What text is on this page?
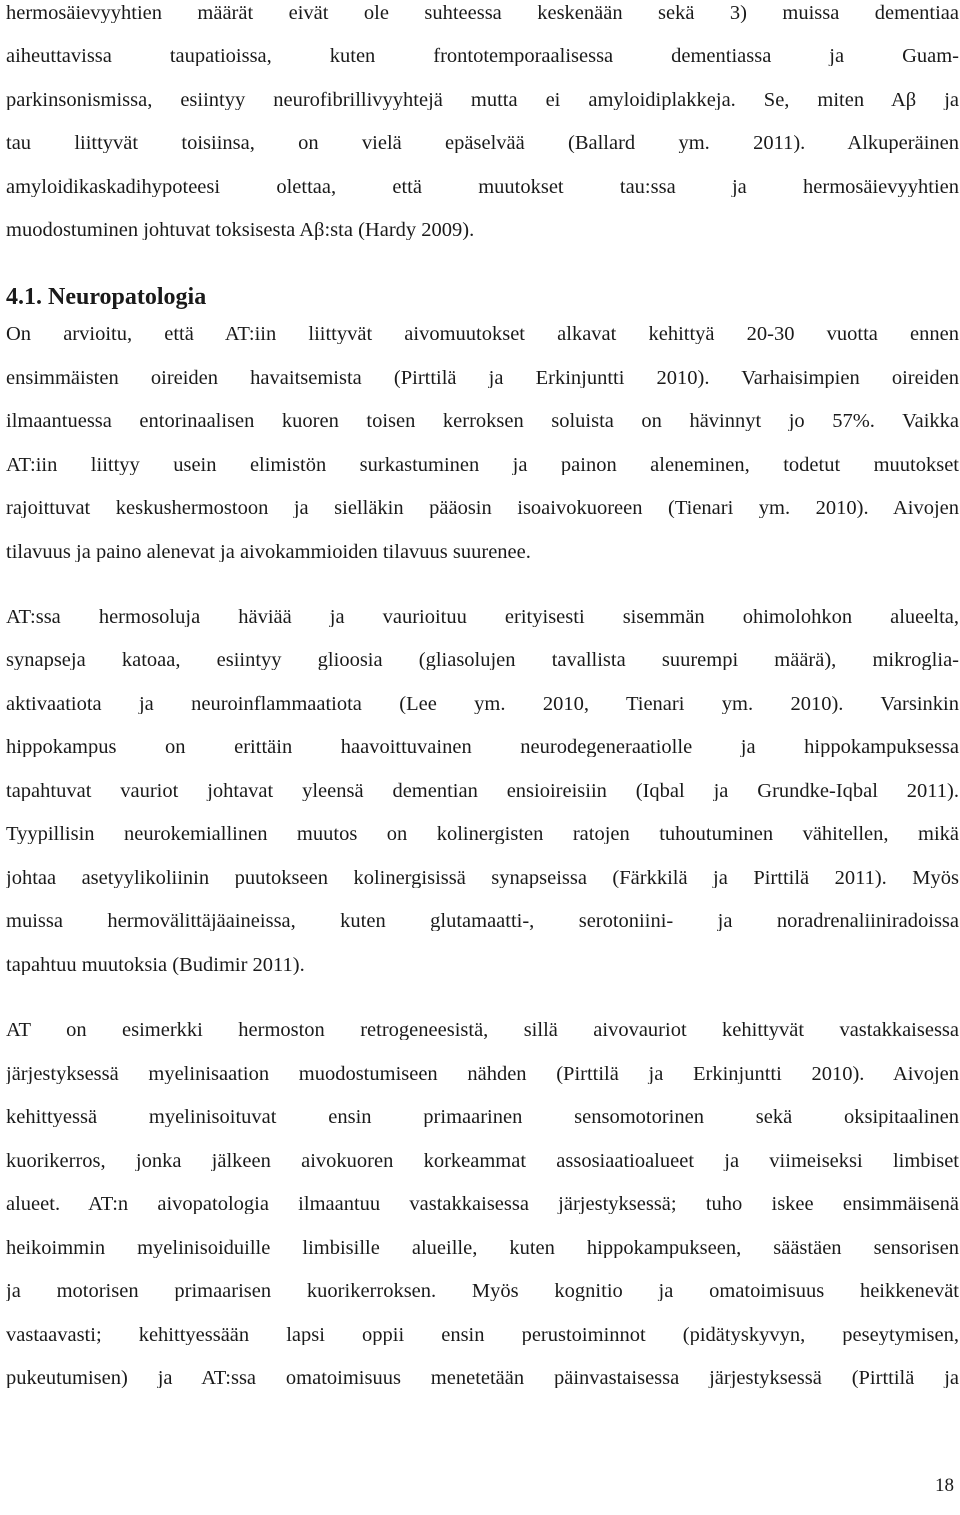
hermosäievyyhtien määrät eivät ole suhteessa keskenään sekä 3) muissa dementiaa
aiheuttavissa taupatioissa, kuten frontotemporaalisessa dementiassa ja Guam-
parkinsonismissa, esiintyy neurofibrillivyyhtejä mutta ei amyloidiplakkeja. Se, miten Aβ ja
tau liittyvät toisiinsa, on vielä epäselvää (Ballard ym. 2011). Alkuperäinen
amyloidikaskadihypoteesi olettaa, että muutokset tau:ssa ja hermosäievyyhtien
muodostuminen johtuvat toksisesta Aβ:sta (Hardy 2009).
4.1. Neuropatologia
On arvioitu, että AT:iin liittyvät aivomuutokset alkavat kehittyä 20-30 vuotta ennen
ensimmäisten oireiden havaitsemista (Pirttilä ja Erkinjuntti 2010). Varhaisimpien oireiden
ilmaantuessa entorinaalisen kuoren toisen kerroksen soluista on hävinnyt jo 57%. Vaikka
AT:iin liittyy usein elimistön surkastuminen ja painon aleneminen, todetut muutokset
rajoittuvat keskushermostoon ja sielläkin pääosin isoaivokuoreen (Tienari ym. 2010). Aivojen
tilavuus ja paino alenevat ja aivokammioiden tilavuus suurenee.
AT:ssa hermosoluja häviää ja vaurioituu erityisesti sisemmän ohimolohkon alueelta,
synapseja katoaa, esiintyy glioosia (gliasolujen tavallista suurempi määrä), mikroglia-
aktivaatiota ja neuroinflammaatiota (Lee ym. 2010, Tienari ym. 2010). Varsinkin
hippokampus on erittäin haavoittuvainen neurodegeneraatiolle ja hippokampuksessa
tapahtuvat vauriot johtavat yleensä dementian ensioireisiin (Iqbal ja Grundke-Iqbal 2011).
Tyypillisin neurokemiallinen muutos on kolinergisten ratojen tuhoutuminen vähitellen, mikä
johtaa asetyylikoliinin puutokseen kolinergisissä synapseissa (Färkkilä ja Pirttilä 2011). Myös
muissa hermovälittäjäaineissa, kuten glutamaatti-, serotoniini- ja noradrenaliiniradoissa
tapahtuu muutoksia (Budimir 2011).
AT on esimerkki hermoston retrogeneesistä, sillä aivovauriot kehittyvät vastakkaisessa
järjestyksessä myelinisaation muodostumiseen nähden (Pirttilä ja Erkinjuntti 2010). Aivojen
kehittyessä myelinisoituvat ensin primaarinen sensomotorinen sekä oksipitaalinen
kuorikerros, jonka jälkeen aivokuoren korkeammat assosiaatioalueet ja viimeiseksi limbiset
alueet. AT:n aivopatologia ilmaantuu vastakkaisessa järjestyksessä; tuho iskee ensimmäisenä
heikoimmin myelinisoiduille limbisille alueille, kuten hippokampukseen, säästäen sensorisen
ja motorisen primaarisen kuorikerroksen. Myös kognitio ja omatoimisuus heikkenevät
vastaavasti; kehittyessään lapsi oppii ensin perustoiminnot (pidätyskyvyn, peseytymisen,
pukeutumisen) ja AT:ssa omatoimisuus menetetään päinvastaisessa järjestyksessä (Pirttilä ja
18
